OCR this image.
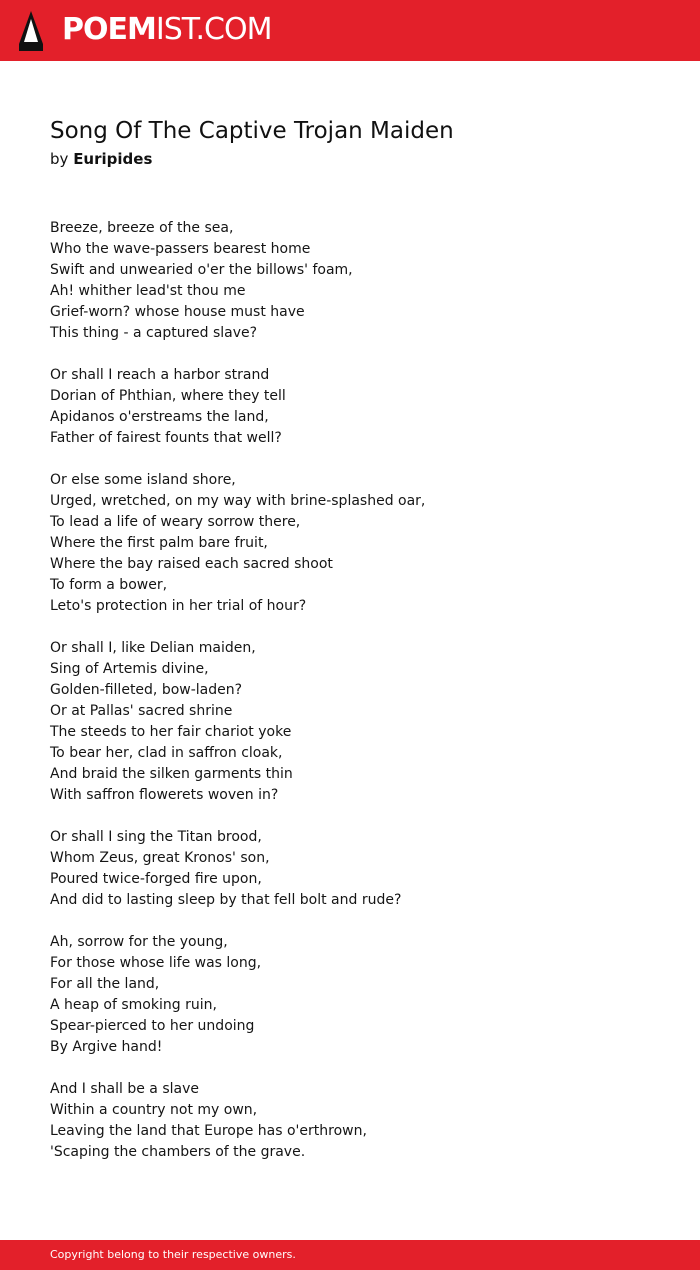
POEMIST.COM
Song Of The Captive Trojan Maiden
by Euripides
Breeze, breeze of the sea,
Who the wave-passers bearest home
Swift and unwearied o'er the billows' foam,
Ah! whither lead'st thou me
Grief-worn? whose house must have
This thing - a captured slave?
Or shall I reach a harbor strand
Dorian of Phthian, where they tell
Apidanos o'erstreams the land,
Father of fairest founts that well?
Or else some island shore,
Urged, wretched, on my way with brine-splashed oar,
To lead a life of weary sorrow there,
Where the first palm bare fruit,
Where the bay raised each sacred shoot
To form a bower,
Leto's protection in her trial of hour?
Or shall I, like Delian maiden,
Sing of Artemis divine,
Golden-filleted, bow-laden?
Or at Pallas' sacred shrine
The steeds to her fair chariot yoke
To bear her, clad in saffron cloak,
And braid the silken garments thin
With saffron flowerets woven in?
Or shall I sing the Titan brood,
Whom Zeus, great Kronos' son,
Poured twice-forged fire upon,
And did to lasting sleep by that fell bolt and rude?
Ah, sorrow for the young,
For those whose life was long,
For all the land,
A heap of smoking ruin,
Spear-pierced to her undoing
By Argive hand!
And I shall be a slave
Within a country not my own,
Leaving the land that Europe has o'erthrown,
'Scaping the chambers of the grave.
Copyright belong to their respective owners.
